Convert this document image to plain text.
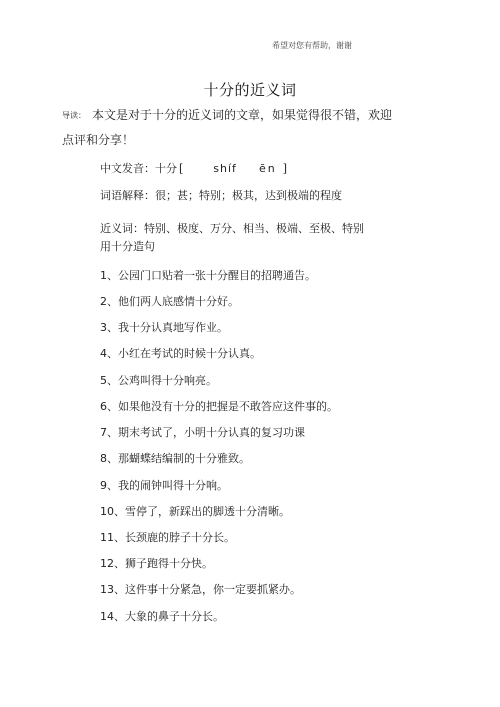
希望对您有帮助，谢谢
十分的近义词
导读： 本文是对于十分的近义词的文章，如果觉得很不错，欢迎点评和分享！
中文发音：十分 [	shíf ēn ]
词语解释：很；甚；特别；极其，达到极端的程度
近义词：特别、极度、万分、相当、极端、至极、特别
用十分造句
1、公园门口贴着一张十分醒目的招聘通告。
2、他们两人底感情十分好。
3、我十分认真地写作业。
4、小红在考试的时候十分认真。
5、公鸡叫得十分响亮。
6、如果他没有十分的把握是不敢答应这件事的。
7、期末考试了，小明十分认真的复习功课
8、那蝴蝶结编制的十分雅致。
9、我的闹钟叫得十分响。
10、雪停了，新踩出的脚透十分清晰。
11、长颈鹿的脖子十分长。
12、狮子跑得十分快。
13、这件事十分紧急，你一定要抓紧办。
14、大象的鼻子十分长。
